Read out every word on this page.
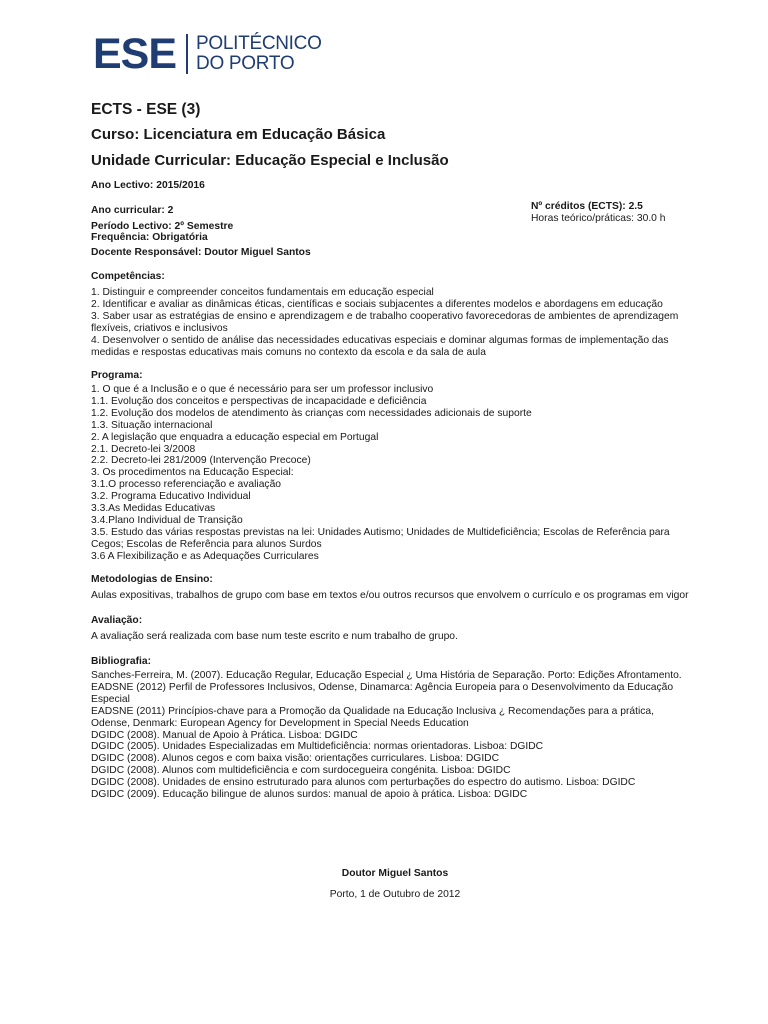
ESE POLITÉCNICO
DO PORTO
ECTS - ESE (3)
Curso: Licenciatura em Educação Básica
Unidade Curricular: Educação Especial e Inclusão
Ano Lectivo: 2015/2016
Ano curricular: 2
Período Lectivo: 2º Semestre
Frequência: Obrigatória
Docente Responsável: Doutor Miguel Santos
Nº créditos (ECTS): 2.5
Horas teórico/práticas: 30.0 h
Competências:
1. Distinguir e compreender conceitos fundamentais em educação especial
2. Identificar e avaliar as dinâmicas éticas, científicas e sociais subjacentes a diferentes modelos e abordagens em educação
3. Saber usar as estratégias de ensino e aprendizagem e de trabalho cooperativo favorecedoras de ambientes de aprendizagem flexíveis, criativos e inclusivos
4. Desenvolver o sentido de análise das necessidades educativas especiais e dominar algumas formas de implementação das medidas e respostas educativas mais comuns no contexto da escola e da sala de aula
Programa:
1. O que é a Inclusão e o que é necessário para ser um professor inclusivo
1.1. Evolução dos conceitos e perspectivas de incapacidade e deficiência
1.2. Evolução dos modelos de atendimento às crianças com necessidades adicionais de suporte
1.3. Situação internacional
2. A legislação que enquadra a educação especial em Portugal
2.1. Decreto-lei 3/2008
2.2. Decreto-lei 281/2009 (Intervenção Precoce)
3. Os procedimentos na Educação Especial:
3.1.O processo referenciação e avaliação
3.2. Programa Educativo Individual
3.3.As Medidas Educativas
3.4.Plano Individual de Transição
3.5. Estudo das várias respostas previstas na lei: Unidades Autismo; Unidades de Multideficiência; Escolas de Referência para Cegos; Escolas de Referência para alunos Surdos
3.6 A Flexibilização e as Adequações Curriculares
Metodologias de Ensino:
Aulas expositivas, trabalhos de grupo com base em textos e/ou outros recursos que envolvem o currículo e os programas em vigor
Avaliação:
A avaliação será realizada com base num teste escrito e num trabalho de grupo.
Bibliografia:
Sanches-Ferreira, M. (2007). Educação Regular, Educação Especial ¿ Uma História de Separação. Porto: Edições Afrontamento.
EADSNE (2012) Perfil de Professores Inclusivos, Odense, Dinamarca: Agência Europeia para o Desenvolvimento da Educação Especial
EADSNE (2011) Princípios-chave para a Promoção da Qualidade na Educação Inclusiva ¿ Recomendações para a prática, Odense, Denmark: European Agency for Development in Special Needs Education
DGIDC (2008). Manual de Apoio à Prática. Lisboa: DGIDC
DGIDC (2005). Unidades Especializadas em Multideficiência: normas orientadoras. Lisboa: DGIDC
DGIDC (2008). Alunos cegos e com baixa visão: orientações curriculares. Lisboa: DGIDC
DGIDC (2008). Alunos com multideficiência e com surdocegueira congénita. Lisboa: DGIDC
DGIDC (2008). Unidades de ensino estruturado para alunos com perturbações do espectro do autismo. Lisboa: DGIDC
DGIDC (2009). Educação bilingue de alunos surdos: manual de apoio à prática. Lisboa: DGIDC
Doutor Miguel Santos
Porto, 1 de Outubro de 2012
